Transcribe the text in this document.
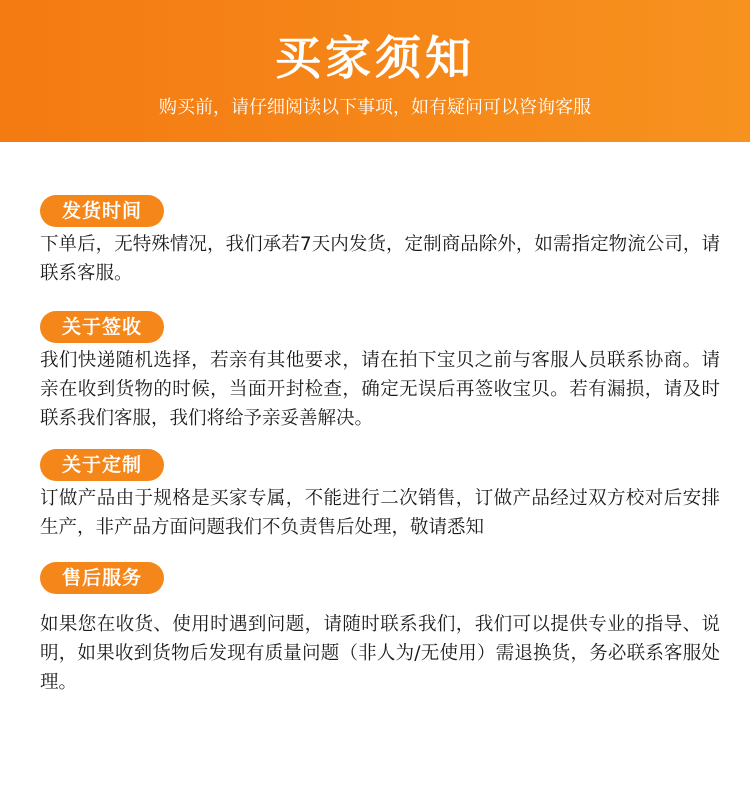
买家须知
购买前，请仔细阅读以下事项，如有疑问可以咨询客服
发货时间
下单后，无特殊情况，我们承若7天内发货，定制商品除外，如需指定物流公司，请联系客服。
关于签收
我们快递随机选择，若亲有其他要求，请在拍下宝贝之前与客服人员联系协商。请亲在收到货物的时候，当面开封检查，确定无误后再签收宝贝。若有漏损，请及时联系我们客服，我们将给予亲妥善解决。
关于定制
订做产品由于规格是买家专属，不能进行二次销售，订做产品经过双方校对后安排生产，非产品方面问题我们不负责售后处理，敬请悉知
售后服务
如果您在收货、使用时遇到问题，请随时联系我们，我们可以提供专业的指导、说明，如果收到货物后发现有质量问题（非人为/无使用）需退换货，务必联系客服处理。
